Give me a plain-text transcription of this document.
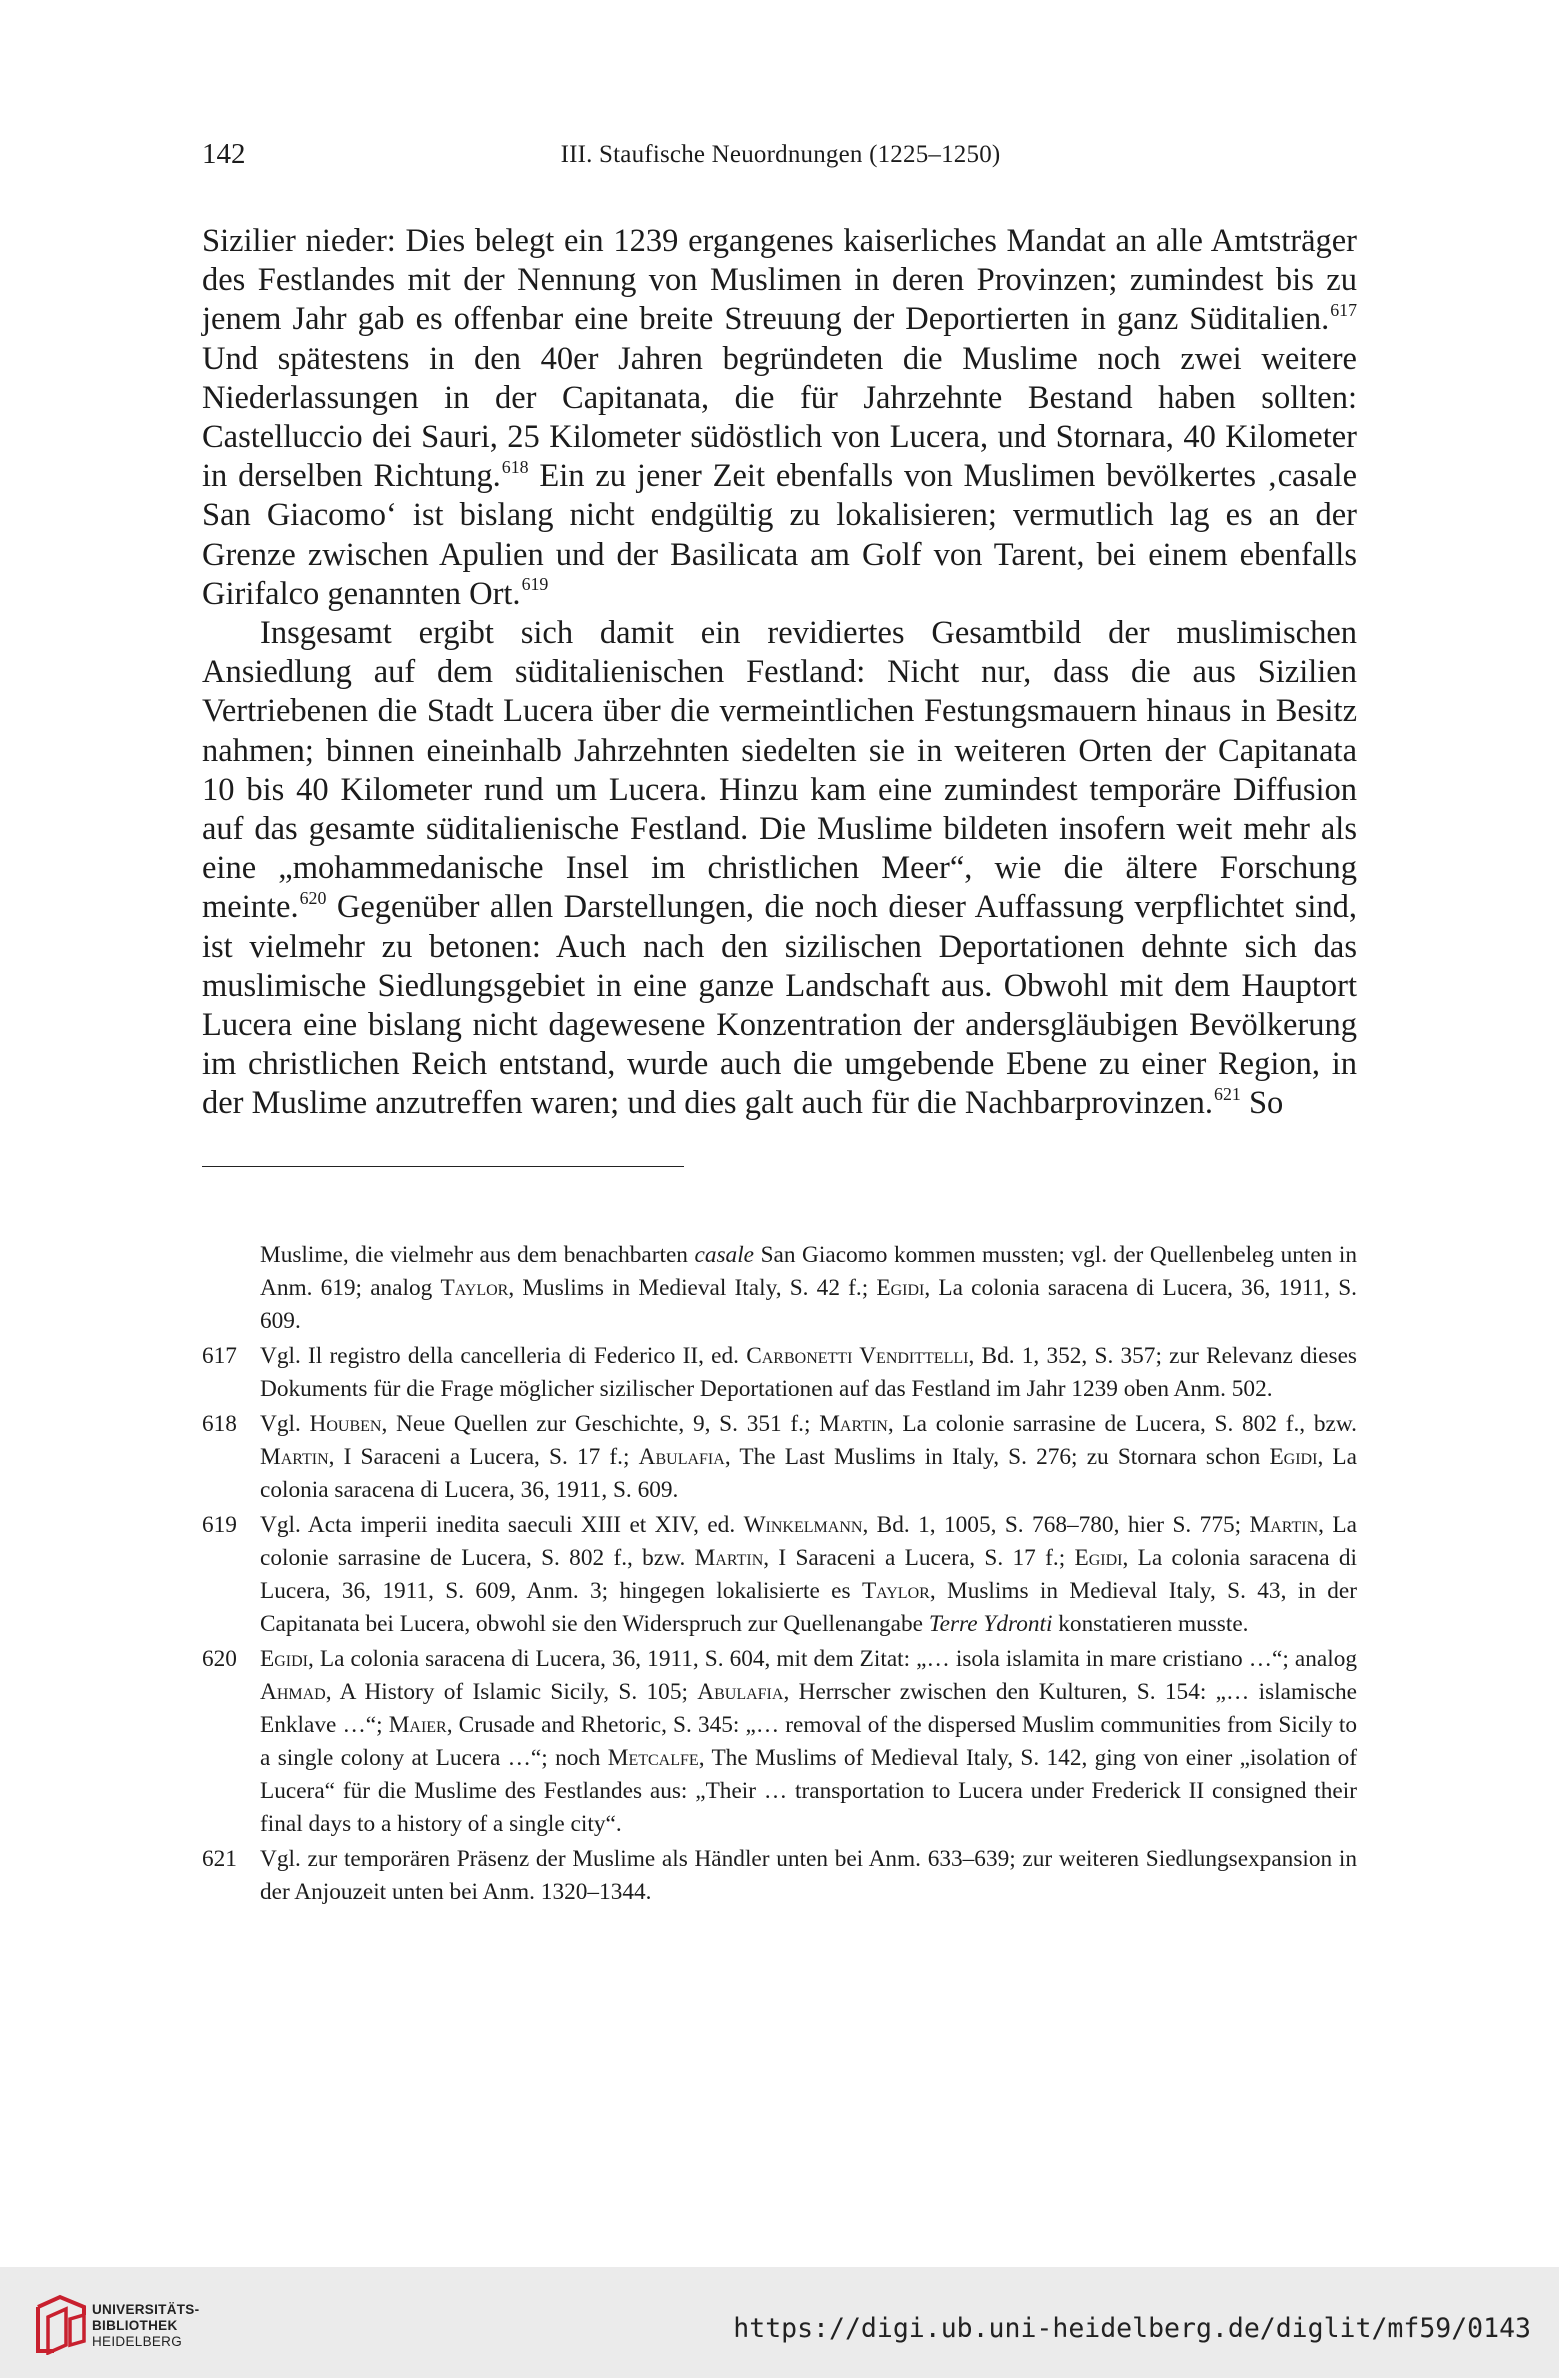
142	III. Staufische Neuordnungen (1225–1250)

Sizilier nieder: Dies belegt ein 1239 ergangenes kaiserliches Mandat an alle Amtsträger des Festlandes mit der Nennung von Muslimen in deren Provinzen; zumindest bis zu jenem Jahr gab es offenbar eine breite Streuung der Deportierten in ganz Süditalien.$^{617}$ Und spätestens in den 40er Jahren begründeten die Muslime noch zwei weitere Niederlassungen in der Capitanata, die für Jahrzehnte Bestand haben sollten: Castelluccio dei Sauri, 25 Kilometer südöstlich von Lucera, und Stornara, 40 Kilometer in derselben Richtung.$^{618}$ Ein zu jener Zeit ebenfalls von Muslimen bevölkertes ‚casale San Giacomo‘ ist bislang nicht endgültig zu lokalisieren; vermutlich lag es an der Grenze zwischen Apulien und der Basilicata am Golf von Tarent, bei einem ebenfalls Girifalco genannten Ort.$^{619}$

Insgesamt ergibt sich damit ein revidiertes Gesamtbild der muslimischen Ansiedlung auf dem süditalienischen Festland: Nicht nur, dass die aus Sizilien Vertriebenen die Stadt Lucera über die vermeintlichen Festungsmauern hinaus in Besitz nahmen; binnen eineinhalb Jahrzehnten siedelten sie in weiteren Orten der Capitanata 10 bis 40 Kilometer rund um Lucera. Hinzu kam eine zumindest temporäre Diffusion auf das gesamte süditalienische Festland. Die Muslime bildeten insofern weit mehr als eine „mohammedanische Insel im christlichen Meer“, wie die ältere Forschung meinte.$^{620}$ Gegenüber allen Darstellungen, die noch dieser Auffassung verpflichtet sind, ist vielmehr zu betonen: Auch nach den sizilischen Deportationen dehnte sich das muslimische Siedlungsgebiet in eine ganze Landschaft aus. Obwohl mit dem Hauptort Lucera eine bislang nicht dagewesene Konzentration der andersgläubigen Bevölkerung im christlichen Reich entstand, wurde auch die umgebende Ebene zu einer Region, in der Muslime anzutreffen waren; und dies galt auch für die Nachbarprovinzen.$^{621}$ So

Muslime, die vielmehr aus dem benachbarten casale San Giacomo kommen mussten; vgl. der Quellenbeleg unten in Anm. 619; analog Taylor, Muslims in Medieval Italy, S. 42 f.; Egidi, La colonia saracena di Lucera, 36, 1911, S. 609.
617 Vgl. Il registro della cancelleria di Federico II, ed. Carbonetti Vendittelli, Bd. 1, 352, S. 357; zur Relevanz dieses Dokuments für die Frage möglicher sizilischer Deportationen auf das Festland im Jahr 1239 oben Anm. 502.
618 Vgl. Houben, Neue Quellen zur Geschichte, 9, S. 351 f.; Martin, La colonie sarrasine de Lucera, S. 802 f., bzw. Martin, I Saraceni a Lucera, S. 17 f.; Abulafia, The Last Muslims in Italy, S. 276; zu Stornara schon Egidi, La colonia saracena di Lucera, 36, 1911, S. 609.
619 Vgl. Acta imperii inedita saeculi XIII et XIV, ed. Winkelmann, Bd. 1, 1005, S. 768–780, hier S. 775; Martin, La colonie sarrasine de Lucera, S. 802 f., bzw. Martin, I Saraceni a Lucera, S. 17 f.; Egidi, La colonia saracena di Lucera, 36, 1911, S. 609, Anm. 3; hingegen lokalisierte es Taylor, Muslims in Medieval Italy, S. 43, in der Capitanata bei Lucera, obwohl sie den Widerspruch zur Quellenangabe Terre Ydronti konstatieren musste.
620 Egidi, La colonia saracena di Lucera, 36, 1911, S. 604, mit dem Zitat: „… isola islamita in mare cristiano …“; analog Ahmad, A History of Islamic Sicily, S. 105; Abulafia, Herrscher zwischen den Kulturen, S. 154: „… islamische Enklave …“; Maier, Crusade and Rhetoric, S. 345: „… removal of the dispersed Muslim communities from Sicily to a single colony at Lucera …“; noch Metcalfe, The Muslims of Medieval Italy, S. 142, ging von einer „isolation of Lucera“ für die Muslime des Festlandes aus: „Their … transportation to Lucera under Frederick II consigned their final days to a history of a single city“.
621 Vgl. zur temporären Präsenz der Muslime als Händler unten bei Anm. 633–639; zur weiteren Siedlungsexpansion in der Anjouzeit unten bei Anm. 1320–1344.
UNIVERSITÄTS-
BIBLIOTHEK
HEIDELBERG	https://digi.ub.uni-heidelberg.de/diglit/mf59/0143
